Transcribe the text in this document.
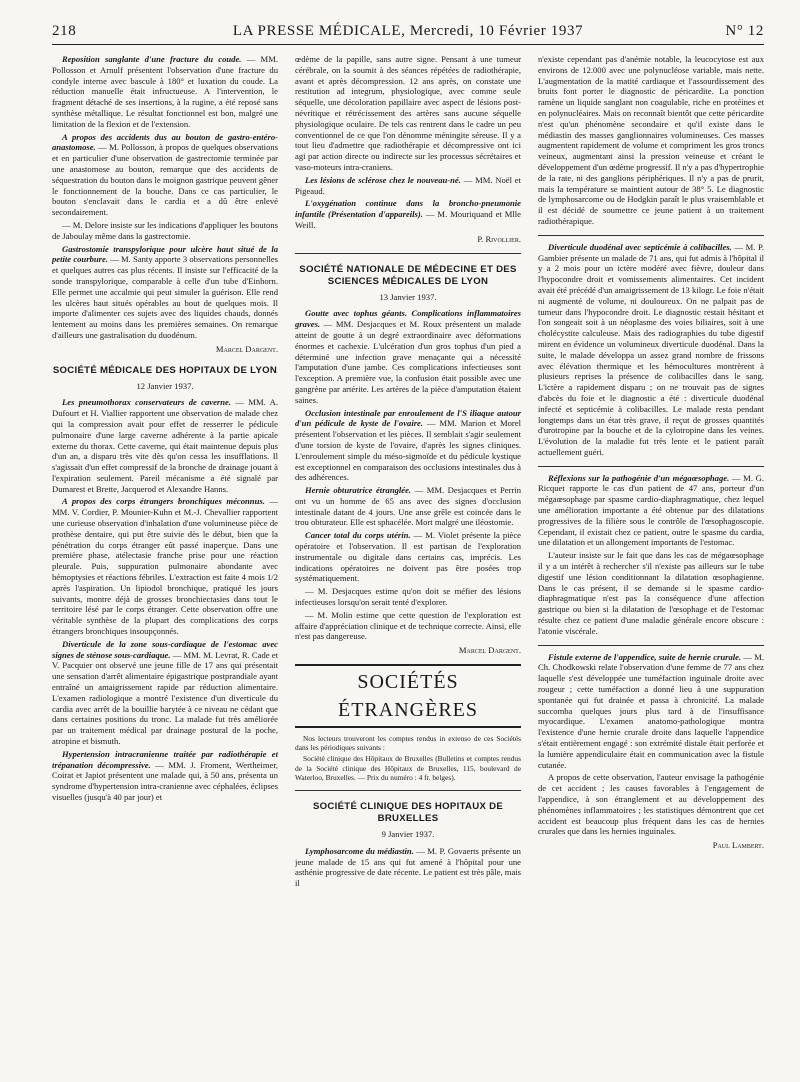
218	LA PRESSE MÉDICALE, Mercredi, 10 Février 1937	N° 12

Reposition sanglante d'une fracture du coude. — MM. Pollosson et Arnulf présentent l'observation d'une fracture du condyle interne avec bascule à 180° et luxation du coude. La réduction manuelle était infructueuse. A l'intervention, le fragment détaché de ses insertions, à la rugine, a été reposé sans synthèse métallique. Le résultat fonctionnel est bon, malgré une limitation de la flexion et de l'extension.

A propos des accidents dus au bouton de gastro-entéro-anastomose. — M. Pollosson, à propos de quelques observations et en particulier d'une observation de gastrectomie terminée par une anastomose au bouton, remarque que des accidents de séquestration du bouton dans le moignon gastrique peuvent gêner le fonctionnement de la bouche. Dans ce cas particulier, le bouton s'enclavait dans le cardia et a dû être enlevé secondairement.

— M. Delore insiste sur les indications d'appliquer les boutons de Jaboulay même dans la gastrectomie.

Gastrostomie transpylorique pour ulcère haut situé de la petite courbure. — M. Santy apporte 3 observations personnelles et quelques autres cas plus récents. Il insiste sur l'efficacité de la sonde transpylorique, comparable à celle d'un tube d'Einhorn. Elle permet une accalmie qui peut simuler la guérison. Elle rend les ulcères haut situés opérables au bout de quelques mois. Il importe d'alimenter ces sujets avec des liquides chauds, donnés lentement au moins dans les premières semaines. On remarque d'ailleurs une gastralisation du duodénum.

Marcel Dargent.
SOCIÉTÉ MÉDICALE DES HOPITAUX DE LYON
12 Janvier 1937.

Les pneumothorax conservateurs de caverne. — MM. A. Dufourt et H. Viallier rapportent une observation de malade chez qui la compression avait pour effet de resserrer le pédicule pulmonaire d'une large caverne adhérente à la partie apicale externe du thorax. Cette caverne, qui était maintenue depuis plus d'un an, a disparu très vite dès qu'on cessa les insufflations. Il s'agissait d'un effet compressif de la bronche de drainage jouant à l'expiration seulement. Pareil mécanisme a été signalé par Dumarest et Brette, Jacquerod et Alexandre Hanns.

A propos des corps étrangers bronchiques méconnus. — MM. V. Cordier, P. Mounier-Kuhn et M.-J. Chevallier rapportent une curieuse observation d'inhalation d'une volumineuse pièce de prothèse dentaire, qui put être suivie dès le début, bien que la pénétration du corps étranger eût passé inaperçue. Dans une première phase, atélectasie franche prise pour une réaction pleurale. Puis, suppuration pulmonaire abondante avec hémoptysies et réactions fébriles. L'extraction est faite 4 mois 1/2 après l'aspiration. Un lipiodol bronchique, pratiqué les jours suivants, montre déjà de grosses bronchiectasies dans tout le territoire lésé par le corps étranger. Cette observation offre une véritable synthèse de la plupart des complications des corps étrangers bronchiques insoupçonnés.

Diverticule de la zone sous-cardiaque de l'estomac avec signes de sténose sous-cardiaque. — MM. M. Levrat, R. Cade et V. Pacquier ont observé une jeune fille de 17 ans qui présentait une sensation d'arrêt alimentaire épigastrique postprandiale ayant entraîné un amaigrissement rapide par réduction alimentaire. L'examen radiologique a montré l'existence d'un diverticule du cardia avec arrêt de la bouillie barytée à ce niveau ne cédant que dans certaines positions du tronc. La malade fut très améliorée par un traitement médical par drainage postural de la poche, atropine et bismuth.

Hypertension intracranienne traitée par radiothérapie et trépanation décompressive. — MM. J. Froment, Wertheimer, Coirat et Japiot présentent une malade qui, à 50 ans, présenta un syndrome d'hypertension intra-cranienne avec céphalées, éclipses visuelles (jusqu'à 40 par jour) et

œdème de la papille, sans autre signe. Pensant à une tumeur cérébrale, on la soumit à des séances répétées de radiothérapie, avant et après décompression. 12 ans après, on constate une restitution ad integrum, physiologique, avec comme seule séquelle, une décoloration papillaire avec aspect de lésions post-névritique et rétrécissement des artères sans aucune séquelle physiologique oculaire. De tels cas rentrent dans le cadre un peu conventionnel de ce que l'on dénomme méningite séreuse. Il y a tout lieu d'admettre que radiothérapie et décompressive ont ici agi par action directe ou indirecte sur les processus sécrétaires et vaso-moteurs intra-craniens.

Les lésions de sclérose chez le nouveau-né. — MM. Noël et Pigeaud.

L'oxygénation continue dans la broncho-pneumonie infantile (Présentation d'appareils). — M. Mouriquand et Mlle Weill.

P. Rivollier.
SOCIÉTÉ NATIONALE DE MÉDECINE ET DES SCIENCES MÉDICALES DE LYON
13 Janvier 1937.

Goutte avec tophus géants. Complications inflammatoires graves. — MM. Desjacques et M. Roux présentent un malade atteint de goutte à un degré extraordinaire avec déformations énormes et cachexie. L'ulcération d'un gros tophus d'un pied a déterminé une infection grave menaçante qui a nécessité l'amputation d'une jambe. Ces complications infectieuses sont l'exception. A première vue, la confusion était possible avec une gangrène par artérite. Les artères de la pièce d'amputation étaient saines.

Occlusion intestinale par enroulement de l'S iliaque autour d'un pédicule de kyste de l'ovaire. — MM. Marion et Morel présentent l'observation et les pièces. Il semblait s'agir seulement d'une torsion de kyste de l'ovaire, d'après les signes cliniques. L'enroulement simple du méso-sigmoïde et du pédicule kystique est exceptionnel en comparaison des occlusions intestinales dus à des adhérences.

Hernie obturatrice étranglée. — MM. Desjacques et Perrin ont vu un homme de 65 ans avec des signes d'occlusion intestinale datant de 4 jours. Une anse grêle est coincée dans le trou obturateur. Elle est sphacélée. Mort malgré une iléostomie.

Cancer total du corps utérin. — M. Violet présente la pièce opératoire et l'observation. Il est partisan de l'exploration instrumentale ou digitale dans certains cas, imprécis. Les indications opératoires ne doivent pas être posées trop systématiquement.

— M. Desjacques estime qu'on doit se méfier des lésions infectieuses lorsqu'on serait tenté d'explorer.

— M. Molin estime que cette question de l'exploration est affaire d'appréciation clinique et de technique correcte. Ainsi, elle n'est pas dangereuse.

Marcel Dargent.
SOCIÉTÉS ÉTRANGÈRES

Nos lecteurs trouveront les comptes rendus in extenso de ces Sociétés dans les périodiques suivants :

Société clinique des Hôpitaux de Bruxelles (Bulletins et comptes rendus de la Société clinique des Hôpitaux de Bruxelles, 115, boulevard de Waterloo, Bruxelles. — Prix du numéro : 4 fr. belges).

SOCIÉTÉ CLINIQUE DES HOPITAUX DE BRUXELLES
9 Janvier 1937.

Lymphosarcome du médiastin. — M. P. Govaerts présente un jeune malade de 15 ans qui fut amené à l'hôpital pour une asthénie progressive de date récente. Le patient est très pâle, mais il

n'existe cependant pas d'anémie notable, la leucocytose est aux environs de 12.000 avec une polynucléose variable, mais nette. L'augmentation de la matité cardiaque et l'assourdissement des bruits font porter le diagnostic de péricardite. La ponction ramène un liquide sanglant non coagulable, riche en protéines et en polynucléaires. Mais on reconnaît bientôt que cette péricardite n'est qu'un phénomène secondaire et qu'il existe dans le médiastin des masses ganglionnaires volumineuses. Ces masses augmentent rapidement de volume et compriment les gros troncs veineux, augmentant ainsi la pression veineuse et créant le développement d'un œdème progressif. Il n'y a pas d'hypertrophie de la rate, ni des ganglions périphériques. Il n'y a pas de prurit, mais la température se maintient autour de 38° 5. Le diagnostic de lymphosarcome ou de Hodgkin paraît le plus vraisemblable et il est décidé de soumettre ce jeune patient à un traitement radiothérapique.

Diverticule duodénal avec septicémie à colibacilles. — M. P. Gambier présente un malade de 71 ans, qui fut admis à l'hôpital il y a 2 mois pour un ictère modéré avec fièvre, douleur dans l'hypocondre droit et vomissements alimentaires. Cet incident avait été précédé d'un amaigrissement de 13 kilogr. Le foie n'était ni augmenté de volume, ni douloureux. On ne palpait pas de tumeur dans l'hypocondre droit. Le diagnostic restait hésitant et l'on songeait soit à un néoplasme des voies biliaires, soit à une cholécystite calculeuse. Mais des radiographies du tube digestif mirent en évidence un volumineux diverticule duodénal. Dans la suite, le malade développa un assez grand nombre de frissons avec élévation thermique et les hémocultures montrèrent à plusieurs reprises la présence de colibacilles dans le sang. L'ictère a rapidement disparu ; on ne trouvait pas de signes d'abcès du foie et le diagnostic a été : diverticule duodénal infecté et septicémie à colibacilles. Le malade resta pendant longtemps dans un état très grave, il reçut de grosses quantités d'urotropine par la bouche et de la cylotropine dans les veines. L'évolution de la maladie fut très lente et le patient paraît actuellement guéri.

Réflexions sur la pathogénie d'un mégaœsophage. — M. G. Ricquet rapporte le cas d'un patient de 47 ans, porteur d'un mégaœsophage par spasme cardio-diaphragmatique, chez lequel une amélioration importante a été obtenue par des dilatations progressives de la filière sous le contrôle de l'œsophagoscopie. Cependant, il existait chez ce patient, outre le spasme du cardia, une dilatation et un allongement importants de l'estomac.

L'auteur insiste sur le fait que dans les cas de mégaœsophage il y a un intérêt à rechercher s'il n'existe pas ailleurs sur le tube digestif une lésion conditionnant la dilatation œsophagienne. Dans le cas présent, il se demande si le spasme cardio-diaphragmatique n'est pas la conséquence d'une affection gastrique ou bien si la dilatation de l'œsophage et de l'estomac résulte chez ce patient d'une maladie générale encore obscure : l'atonie viscérale.

Fistule externe de l'appendice, suite de hernie crurale. — M. Ch. Chodkowski relate l'observation d'une femme de 77 ans chez laquelle s'est développée une tuméfaction inguinale droite avec rougeur ; cette tuméfaction a donné lieu à une suppuration spontanée qui fut drainée et passa à chronicité. La malade succomba quelques jours plus tard à de l'insuffisance myocardique. L'examen anatomo-pathologique montra l'existence d'une hernie crurale droite dans laquelle l'appendice s'était entièrement engagé : son extrémité distale était perforée et la lumière appendiculaire était en communication avec la fistule cutanée.

A propos de cette observation, l'auteur envisage la pathogénie de cet accident ; les causes favorables à l'engagement de l'appendice, à son étranglement et au développement des phénomènes inflammatoires ; les statistiques démontrent que cet accident est beaucoup plus fréquent dans les cas de hernies crurales que dans les hernies inguinales.

Paul Lambert.
